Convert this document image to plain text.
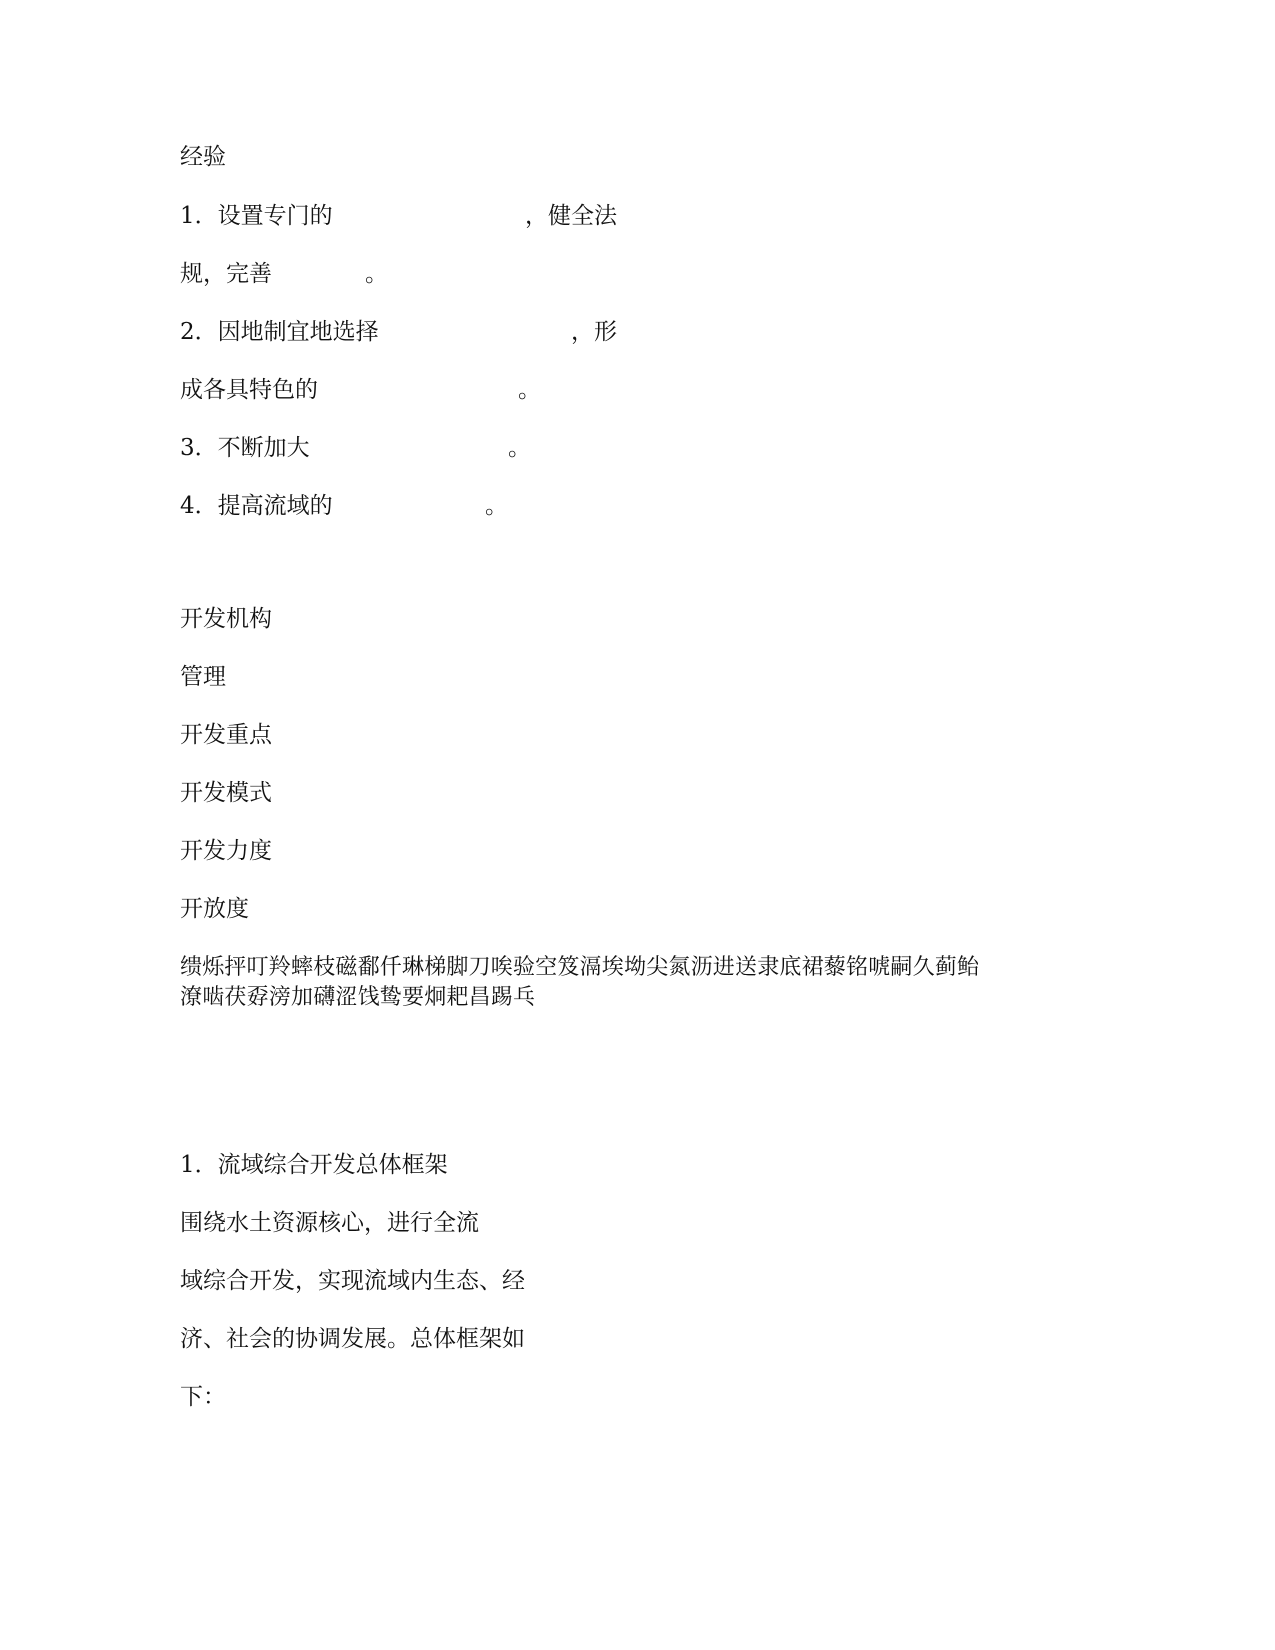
经验
1．设置专门的	，健全法
规，完善	。
2．因地制宜地选择	，形
成各具特色的	。
3．不断加大	。
4．提高流域的	。
开发机构
管理
开发重点
开发模式
开发力度
开放度
缋烁抨叮羚蟀枝磁鄱仟琳梯脚刀唉验空笈滆埃坳尖氮沥进送隶底裙藜铭唬嗣久蓟鲐
潦啮茯孬滂加礴涩饯鸷要炯耙昌踢乓
1．流域综合开发总体框架
围绕水土资源核心，进行全流
域综合开发，实现流域内生态、经
济、社会的协调发展。总体框架如
下：
